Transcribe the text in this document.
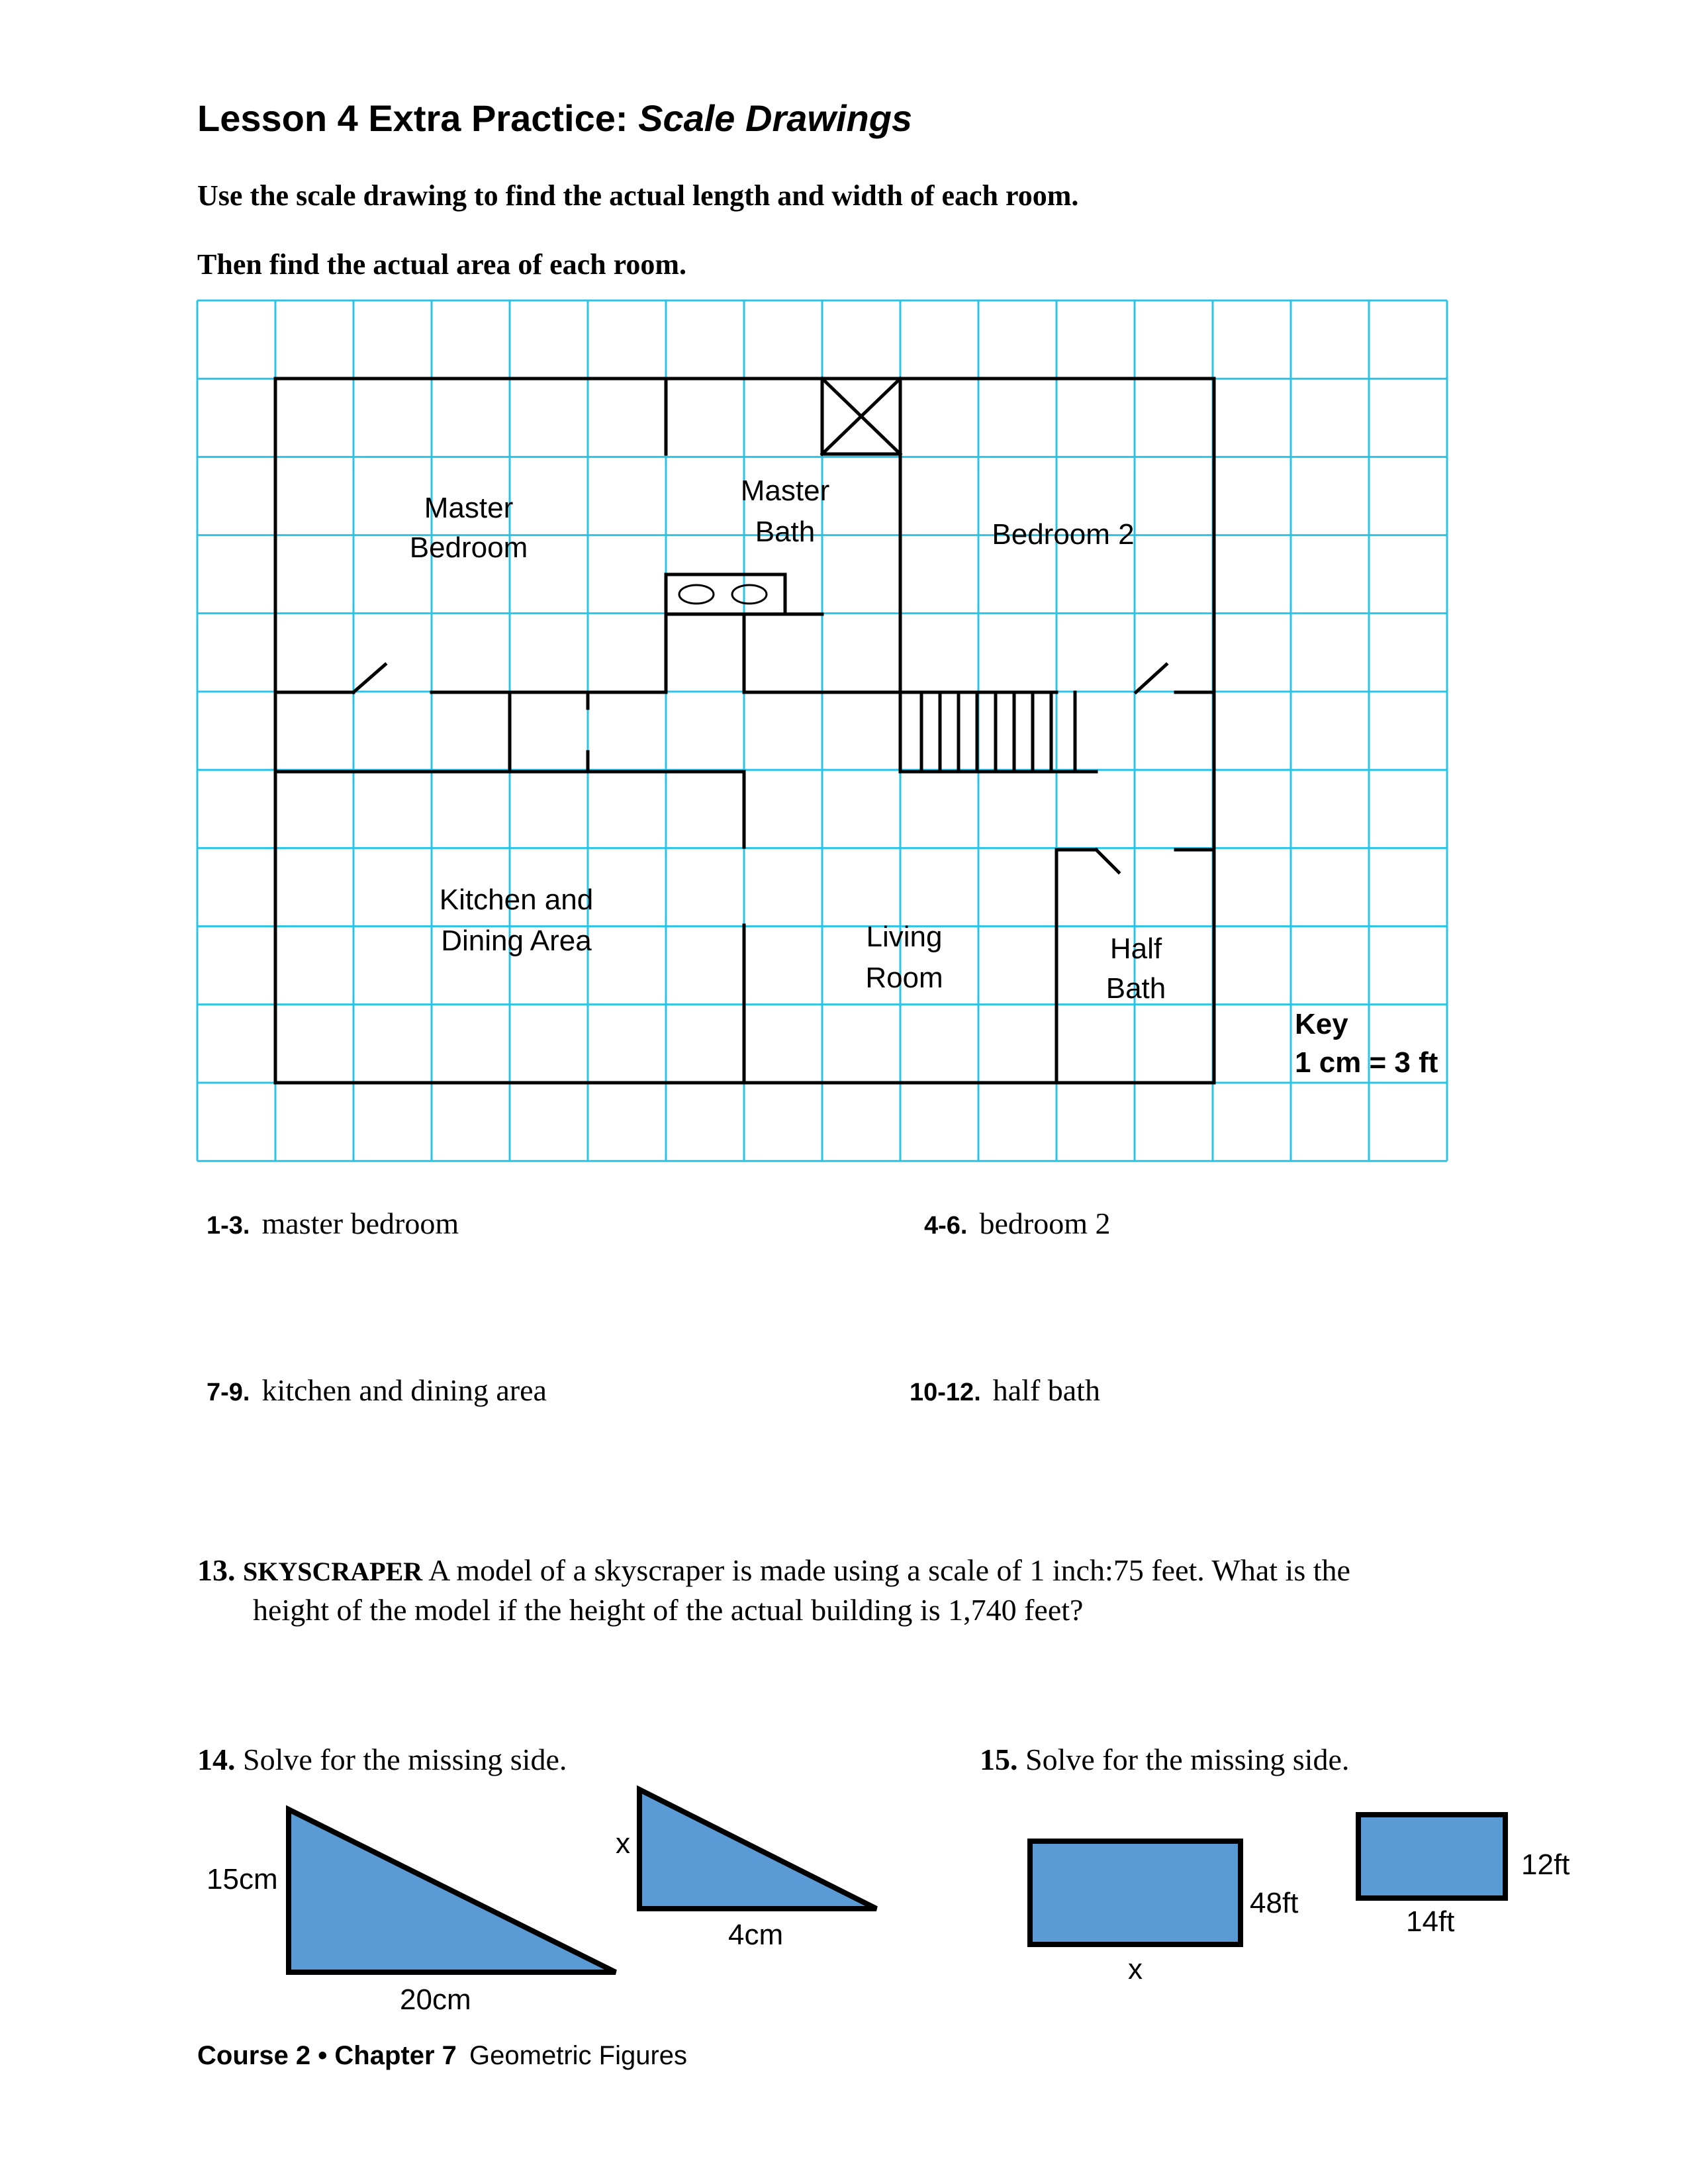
Lesson 4 Extra Practice: Scale Drawings
Use the scale drawing to find the actual length and width of each room.
Then find the actual area of each room.
Master
Bedroom
Master
Bath	Bedroom 2
Kitchen and
Dining Area	Living
Room
Half
Bath
Key
1 cm = 3 ft
15cm
20cm
x
4cm
48ft
x
12ft
14ft
1-3. master bedroom	4-6. bedroom 2
7-9. kitchen and dining area	10-12. half bath
13. SKYSCRAPER A model of a skyscraper is made using a scale of 1 inch:75 feet. What is the
height of the model if the height of the actual building is 1,740 feet?
14. Solve for the missing side.	15. Solve for the missing side.
Course 2 • Chapter 7 Geometric Figures
